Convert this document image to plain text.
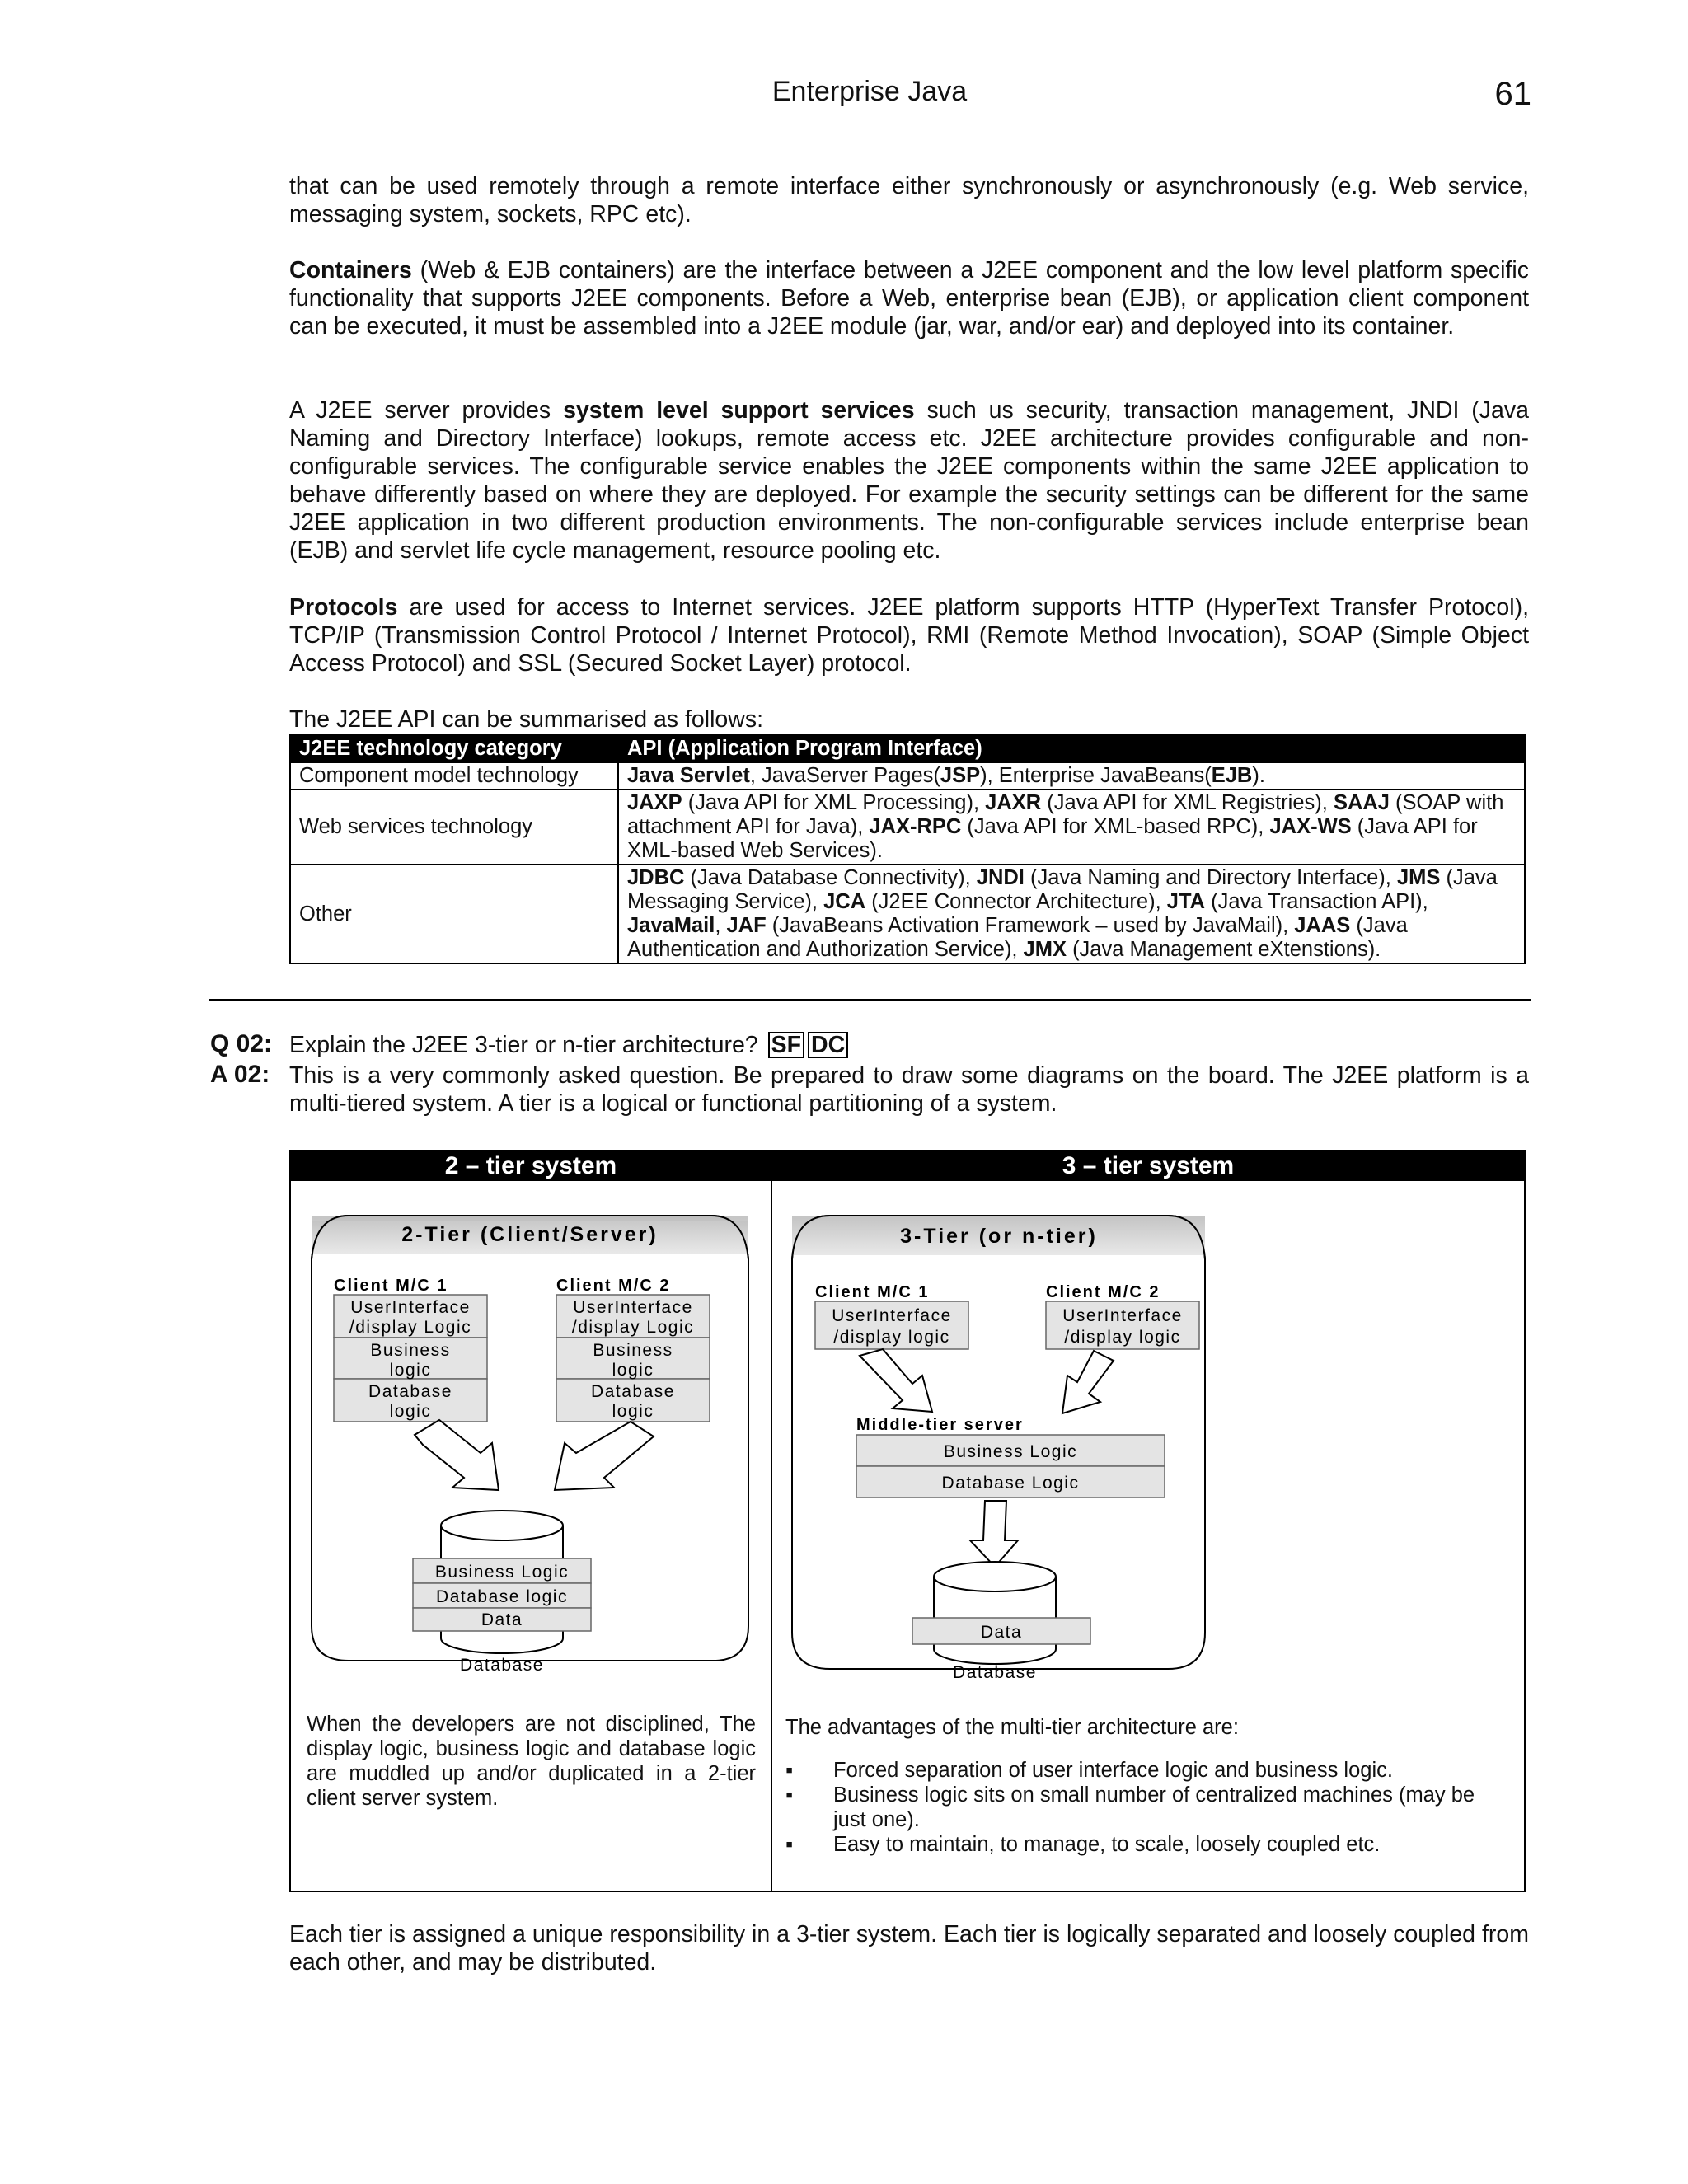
Enterprise Java	61

that can be used remotely through a remote interface either synchronously or asynchronously (e.g. Web service, messaging system, sockets, RPC etc).

Containers (Web & EJB containers) are the interface between a J2EE component and the low level platform specific functionality that supports J2EE components. Before a Web, enterprise bean (EJB), or application client component can be executed, it must be assembled into a J2EE module (jar, war, and/or ear) and deployed into its container.

A J2EE server provides system level support services such us security, transaction management, JNDI (Java Naming and Directory Interface) lookups, remote access etc. J2EE architecture provides configurable and non-configurable services. The configurable service enables the J2EE components within the same J2EE application to behave differently based on where they are deployed. For example the security settings can be different for the same J2EE application in two different production environments. The non-configurable services include enterprise bean (EJB) and servlet life cycle management, resource pooling etc.

Protocols are used for access to Internet services. J2EE platform supports HTTP (HyperText Transfer Protocol), TCP/IP (Transmission Control Protocol / Internet Protocol), RMI (Remote Method Invocation), SOAP (Simple Object Access Protocol) and SSL (Secured Socket Layer) protocol.

The J2EE API can be summarised as follows:
J2EE technology category	API (Application Program Interface)
Component model technology	Java Servlet, JavaServer Pages(JSP), Enterprise JavaBeans(EJB).
Web services technology	JAXP (Java API for XML Processing), JAXR (Java API for XML Registries), SAAJ (SOAP with attachment API for Java), JAX-RPC (Java API for XML-based RPC), JAX-WS (Java API for XML-based Web Services).
Other	JDBC (Java Database Connectivity), JNDI (Java Naming and Directory Interface), JMS (Java Messaging Service), JCA (J2EE Connector Architecture), JTA (Java Transaction API), JavaMail, JAF (JavaBeans Activation Framework – used by JavaMail), JAAS (Java Authentication and Authorization Service), JMX (Java Management eXtenstions).
Q 02: Explain the J2EE 3-tier or n-tier architecture? SF DC
A 02: This is a very commonly asked question. Be prepared to draw some diagrams on the board. The J2EE platform is a multi-tiered system. A tier is a logical or functional partitioning of a system.
2 – tier system	3 – tier system
2-Tier (Client/Server)
Client M/C 1
UserInterface
/display Logic
Business
logic
Database
logic
Client M/C 2
UserInterface
/display Logic
Business
logic
Database
logic
Business Logic
Database logic
Data
Database
3-Tier (or n-tier)
Client M/C 1
UserInterface
/display logic
Client M/C 2
UserInterface
/display logic
Middle-tier server
Business Logic
Database Logic
Data
Database
When the developers are not disciplined, The display logic, business logic and database logic are muddled up and/or duplicated in a 2-tier client server system.
The advantages of the multi-tier architecture are:
▪ Forced separation of user interface logic and business logic.
▪ Business logic sits on small number of centralized machines (may be just one).
▪ Easy to maintain, to manage, to scale, loosely coupled etc.
Each tier is assigned a unique responsibility in a 3-tier system. Each tier is logically separated and loosely coupled from each other, and may be distributed.
